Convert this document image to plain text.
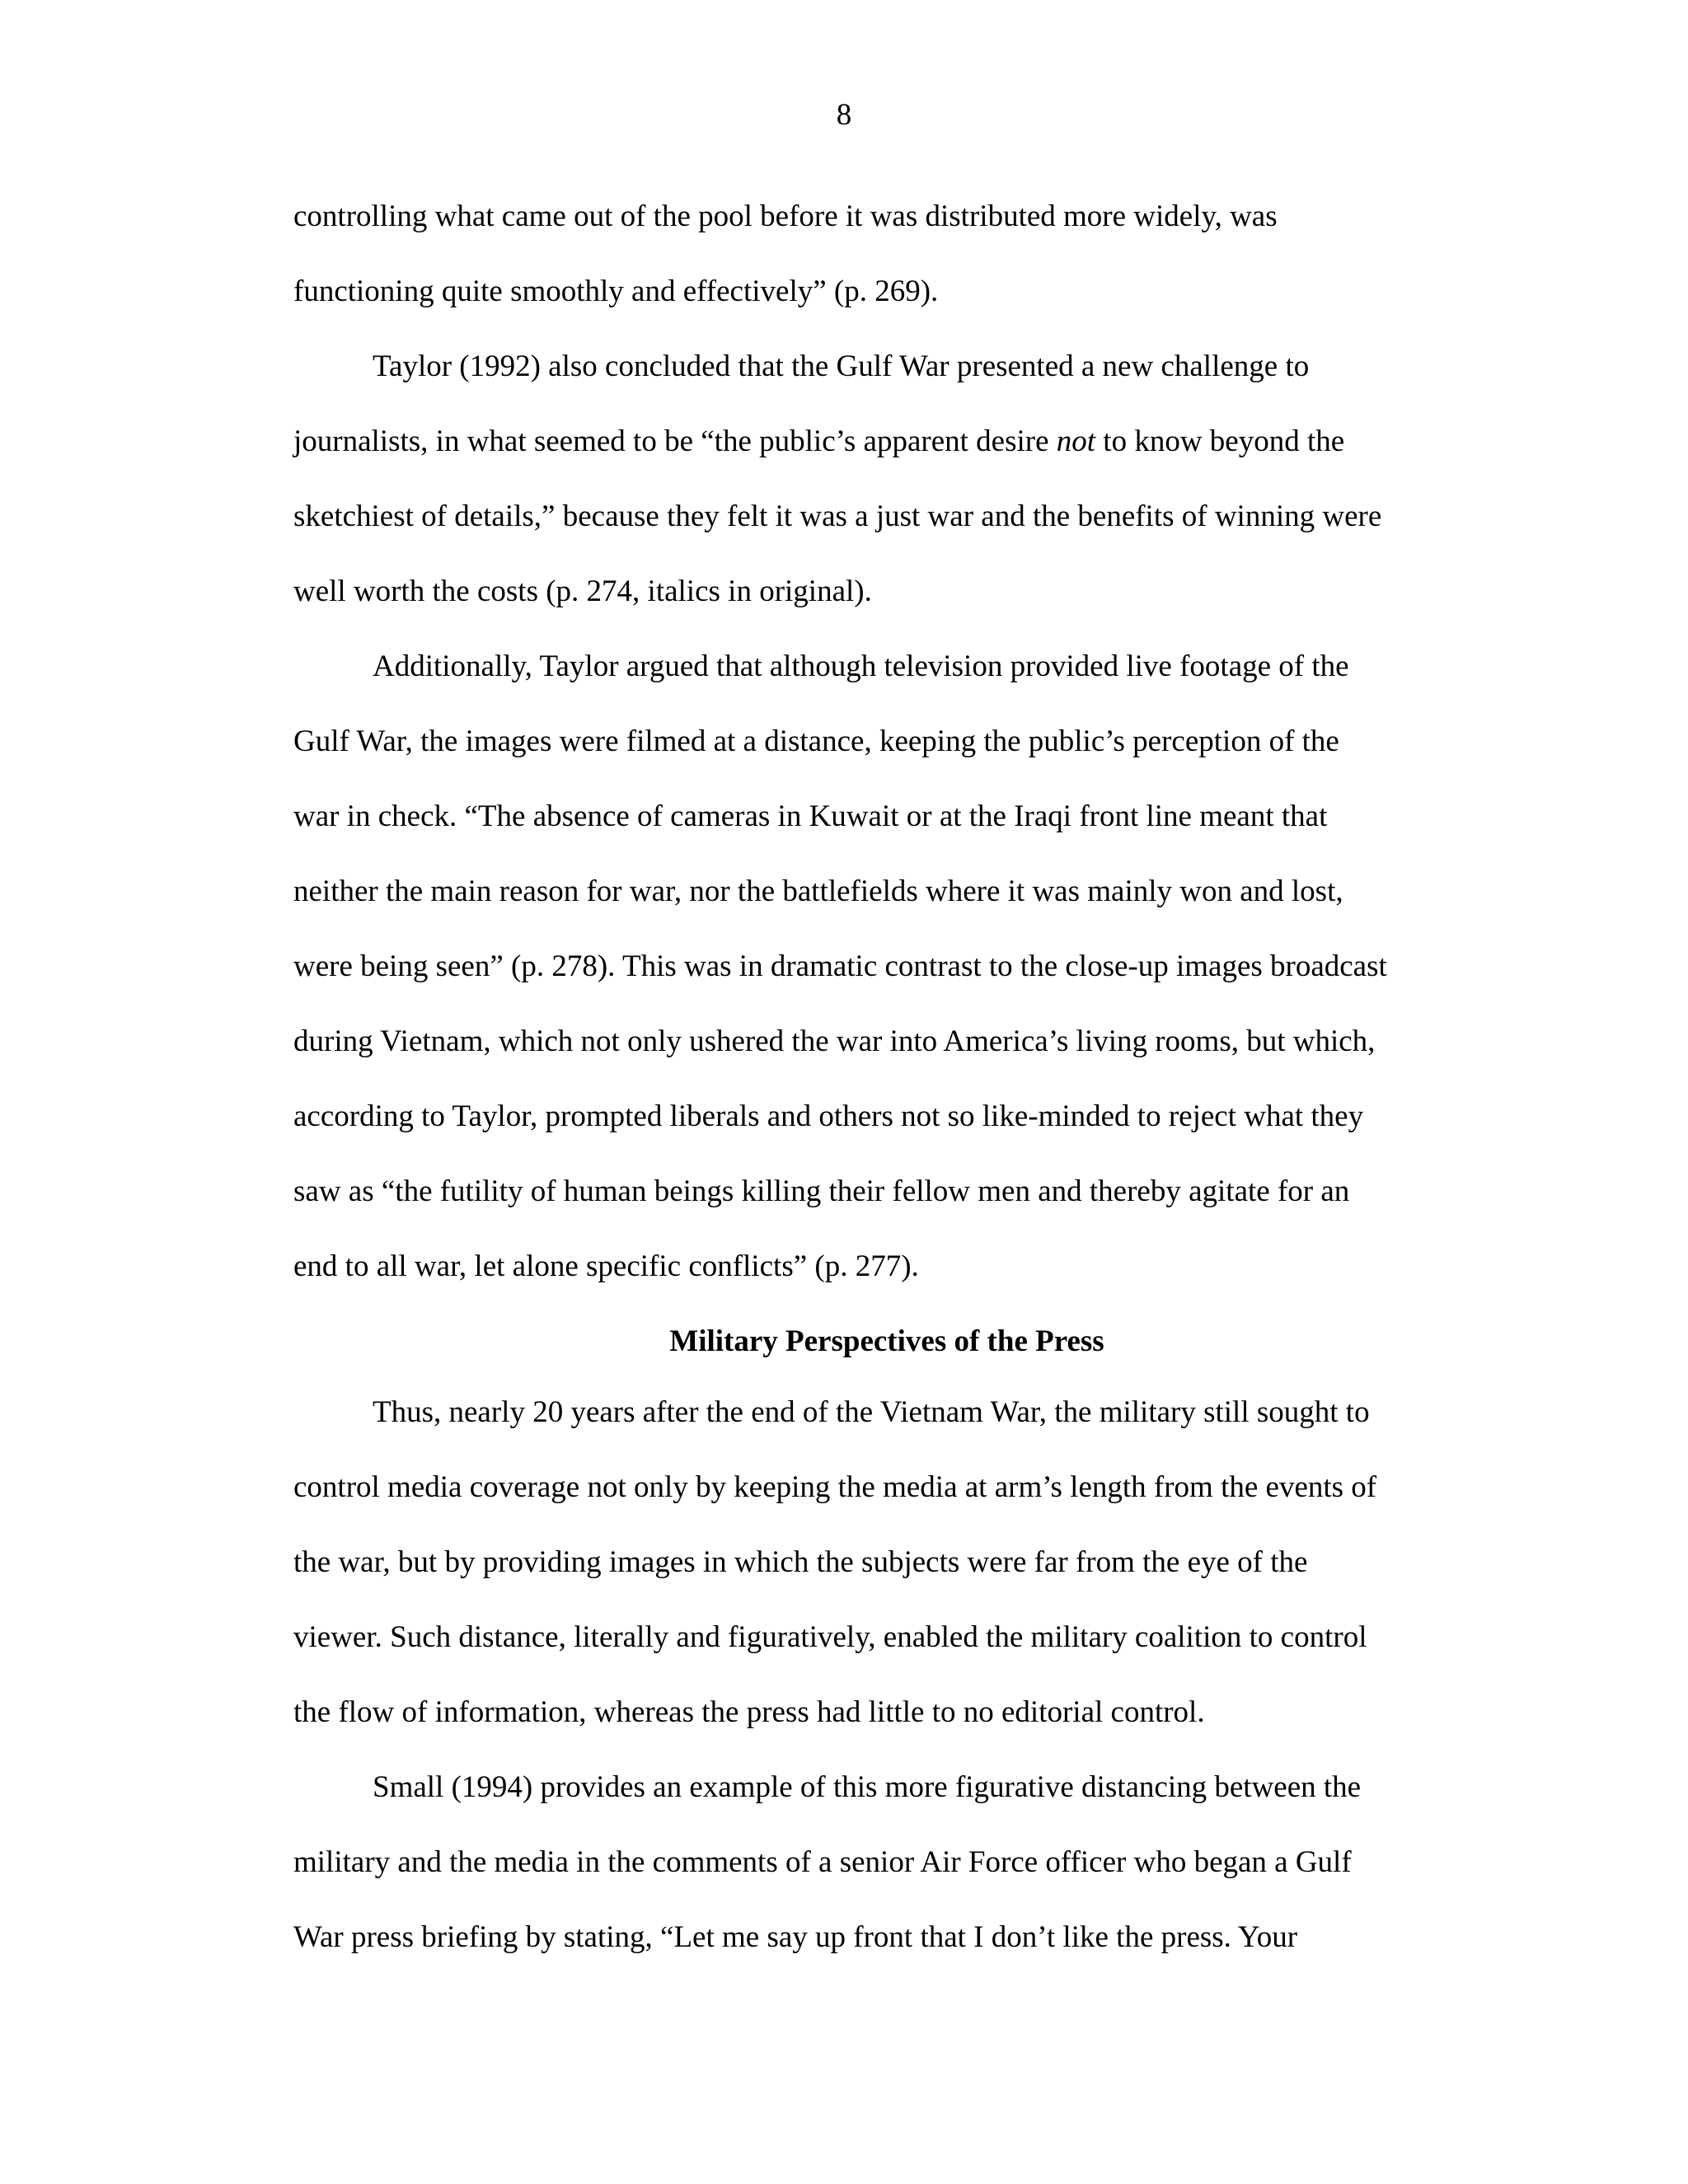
8
controlling what came out of the pool before it was distributed more widely, was
functioning quite smoothly and effectively” (p. 269).
Taylor (1992) also concluded that the Gulf War presented a new challenge to
journalists, in what seemed to be “the public’s apparent desire not to know beyond the
sketchiest of details,” because they felt it was a just war and the benefits of winning were
well worth the costs (p. 274, italics in original).
Additionally, Taylor argued that although television provided live footage of the
Gulf War, the images were filmed at a distance, keeping the public’s perception of the
war in check. “The absence of cameras in Kuwait or at the Iraqi front line meant that
neither the main reason for war, nor the battlefields where it was mainly won and lost,
were being seen” (p. 278). This was in dramatic contrast to the close-up images broadcast
during Vietnam, which not only ushered the war into America’s living rooms, but which,
according to Taylor, prompted liberals and others not so like-minded to reject what they
saw as “the futility of human beings killing their fellow men and thereby agitate for an
end to all war, let alone specific conflicts” (p. 277).
Military Perspectives of the Press
Thus, nearly 20 years after the end of the Vietnam War, the military still sought to
control media coverage not only by keeping the media at arm’s length from the events of
the war, but by providing images in which the subjects were far from the eye of the
viewer. Such distance, literally and figuratively, enabled the military coalition to control
the flow of information, whereas the press had little to no editorial control.
Small (1994) provides an example of this more figurative distancing between the
military and the media in the comments of a senior Air Force officer who began a Gulf
War press briefing by stating, “Let me say up front that I don’t like the press. Your
